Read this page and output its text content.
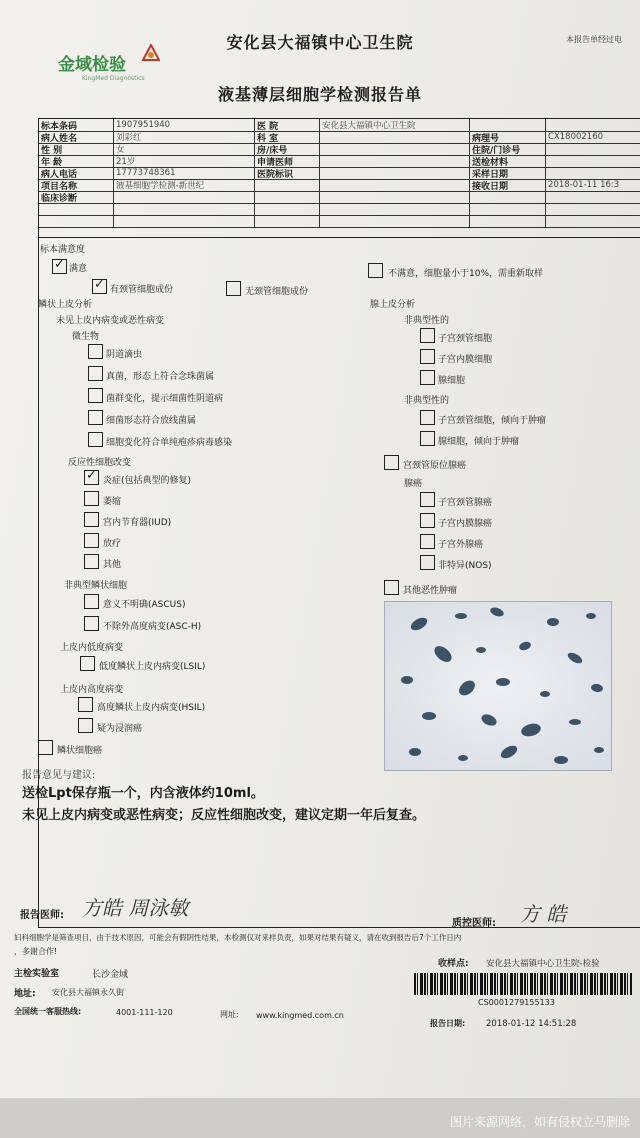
安化县大福镇中心卫生院	本报告单经过电
金域检验
KingMed Diagnostics
液基薄层细胞学检测报告单
标本条码	1907951940	医 院	安化县大福镇中心卫生院
病人姓名	刘彩红	科 室	病理号	CX18002160
性 别	女	房/床号	住院/门诊号
年 龄	21岁	申请医师	送检材料
病人电话	17773748361	医院标识	采样日期
项目名称	液基细胞学检测-新世纪	接收日期	2018-01-11 16:3
临床诊断
标本满意度
✓
满意
✓
有颈管细胞成份	无颈管细胞成份
不满意，细胞量小于10%，需重新取样
鳞状上皮分析
未见上皮内病变或恶性病变
微生物
阴道滴虫
真菌，形态上符合念珠菌属
菌群变化，提示细菌性阴道病
细菌形态符合放线菌属
细胞变化符合单纯疱疹病毒感染
反应性细胞改变
✓
炎症(包括典型的修复)
萎缩
宫内节育器(IUD)
放疗
其他
非典型鳞状细胞
意义不明确(ASCUS)
不除外高度病变(ASC-H)
上皮内低度病变
低度鳞状上皮内病变(LSIL)
上皮内高度病变
高度鳞状上皮内病变(HSIL)
疑为浸润癌
鳞状细胞癌
腺上皮分析
非典型性的
子宫颈管细胞
子宫内膜细胞
腺细胞
非典型性的
子宫颈管细胞，倾向于肿瘤
腺细胞，倾向于肿瘤
宫颈管原位腺癌
腺癌
子宫颈管腺癌
子宫内膜腺癌
子宫外腺癌
非特异(NOS)
其他恶性肿瘤
报告意见与建议:
送检Lpt保存瓶一个，内含液体约10ml。
未见上皮内病变或恶性病变；反应性细胞改变，建议定期一年后复查。
报告医师: 方皓 周泳敏
质控医师: 方 皓
妇科细胞学是筛查项目，由于技术原因，可能会有假阴性结果，本检测仅对来样负责，如果对结果有疑义，请在收到报告后7个工作日内
，多谢合作!
主检实验室	长沙金域
地址: 安化县大福镇永久街
全国统一客服热线:	4001-111-120	网址: www.kingmed.com.cn
收样点: 安化县大福镇中心卫生院-检验
CS0001279155133
报告日期: 2018-01-12 14:51:28
图片来源网络，如有侵权立马删除
